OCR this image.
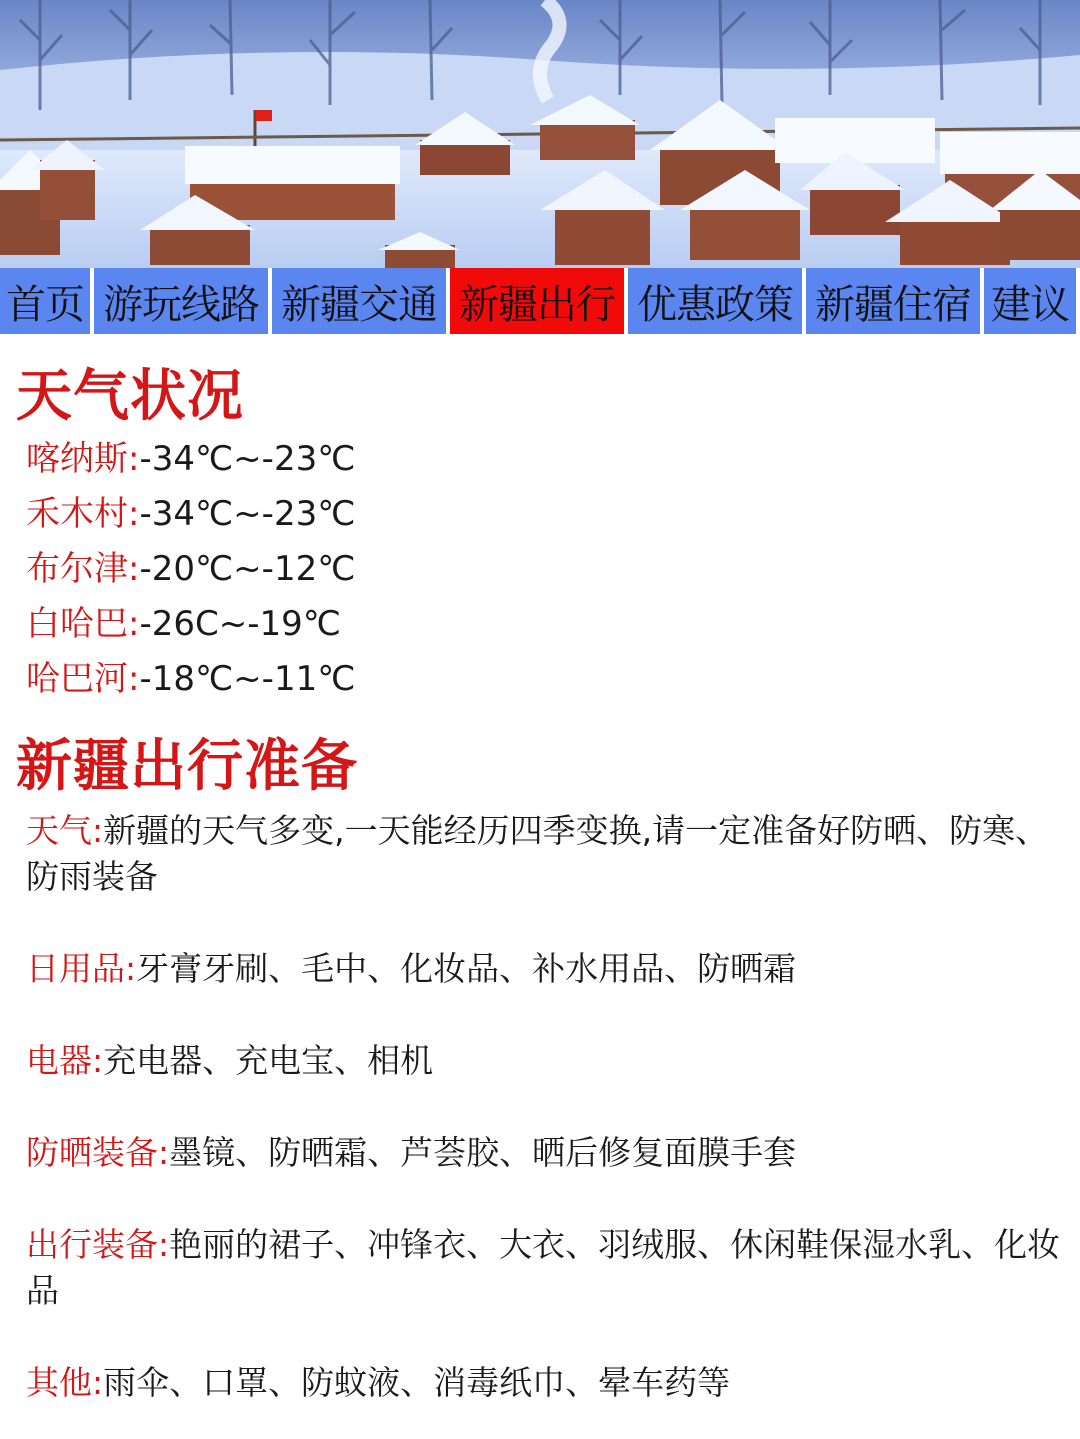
首页 游玩线路 新疆交通 新疆出行 优惠政策 新疆住宿 建议
天气状况
喀纳斯:-34℃~-23℃
禾木村:-34℃~-23℃
布尔津:-20℃~-12℃
白哈巴:-26C~-19℃
哈巴河:-18℃~-11℃
新疆出行准备

天气:新疆的天气多变,一天能经历四季变换,请一定准备好防晒、防寒、防雨装备

日用品:牙膏牙刷、毛中、化妆品、补水用品、防晒霜

电器:充电器、充电宝、相机

防晒装备:墨镜、防晒霜、芦荟胶、晒后修复面膜手套

出行装备:艳丽的裙子、冲锋衣、大衣、羽绒服、休闲鞋保湿水乳、化妆品

其他:雨伞、口罩、防蚊液、消毒纸巾、晕车药等
